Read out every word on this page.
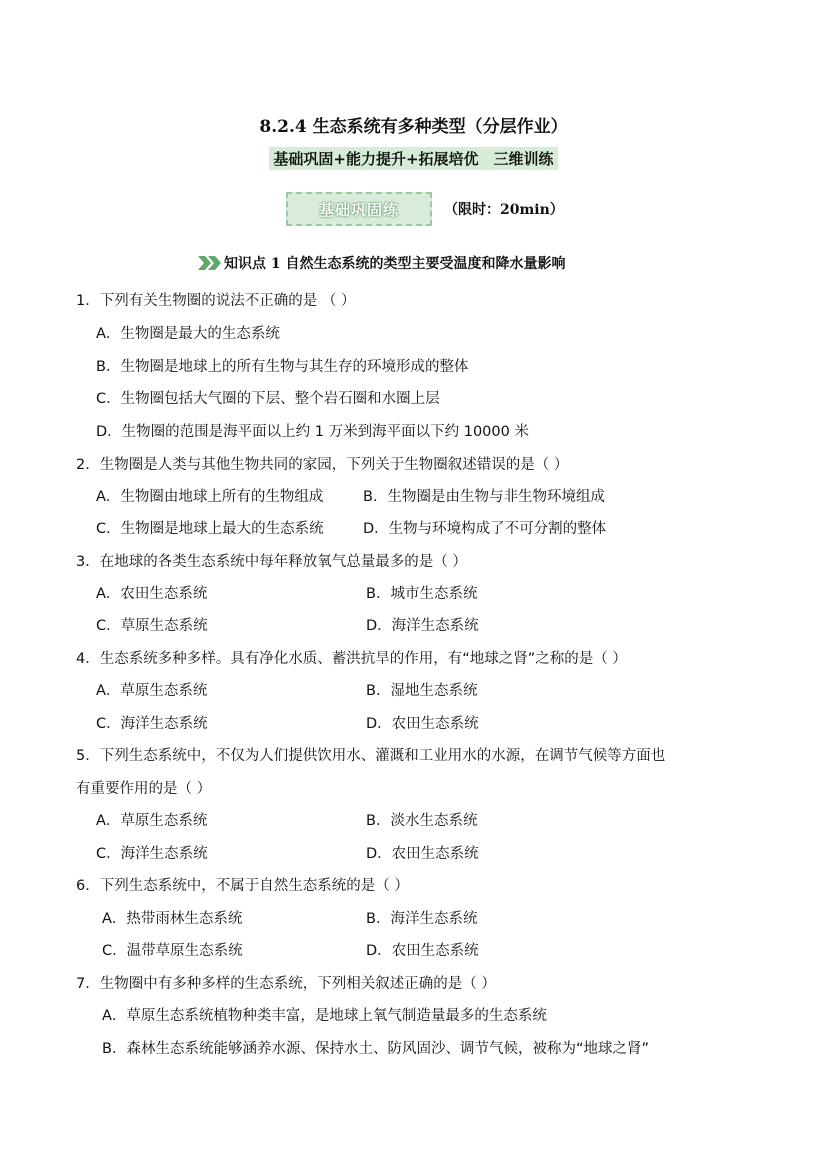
8.2.4 生态系统有多种类型（分层作业）
基础巩固+能力提升+拓展培优　三维训练
基础巩固练	（限时：20min）
知识点 1 自然生态系统的类型主要受温度和降水量影响
1．下列有关生物圈的说法不正确的是 （ ）
A．生物圈是最大的生态系统
B．生物圈是地球上的所有生物与其生存的环境形成的整体
C．生物圈包括大气圈的下层、整个岩石圈和水圈上层
D．生物圈的范围是海平面以上约 1 万米到海平面以下约 10000 米
2．生物圈是人类与其他生物共同的家园，下列关于生物圈叙述错误的是（ ）
A．生物圈由地球上所有的生物组成	B．生物圈是由生物与非生物环境组成
C．生物圈是地球上最大的生态系统	D．生物与环境构成了不可分割的整体
3．在地球的各类生态系统中每年释放氧气总量最多的是（ ）
A．农田生态系统	B．城市生态系统
C．草原生态系统	D．海洋生态系统
4．生态系统多种多样。具有净化水质、蓄洪抗旱的作用，有“地球之肾”之称的是（ ）
A．草原生态系统	B．湿地生态系统
C．海洋生态系统	D．农田生态系统
5．下列生态系统中，不仅为人们提供饮用水、灌溉和工业用水的水源，在调节气候等方面也
有重要作用的是（ ）
A．草原生态系统	B．淡水生态系统
C．海洋生态系统	D．农田生态系统
6．下列生态系统中，不属于自然生态系统的是（ ）
A．热带雨林生态系统	B．海洋生态系统
C．温带草原生态系统	D．农田生态系统
7．生物圈中有多种多样的生态系统，下列相关叙述正确的是（ ）
A．草原生态系统植物种类丰富，是地球上氧气制造量最多的生态系统
B．森林生态系统能够涵养水源、保持水土、防风固沙、调节气候，被称为“地球之肾”
